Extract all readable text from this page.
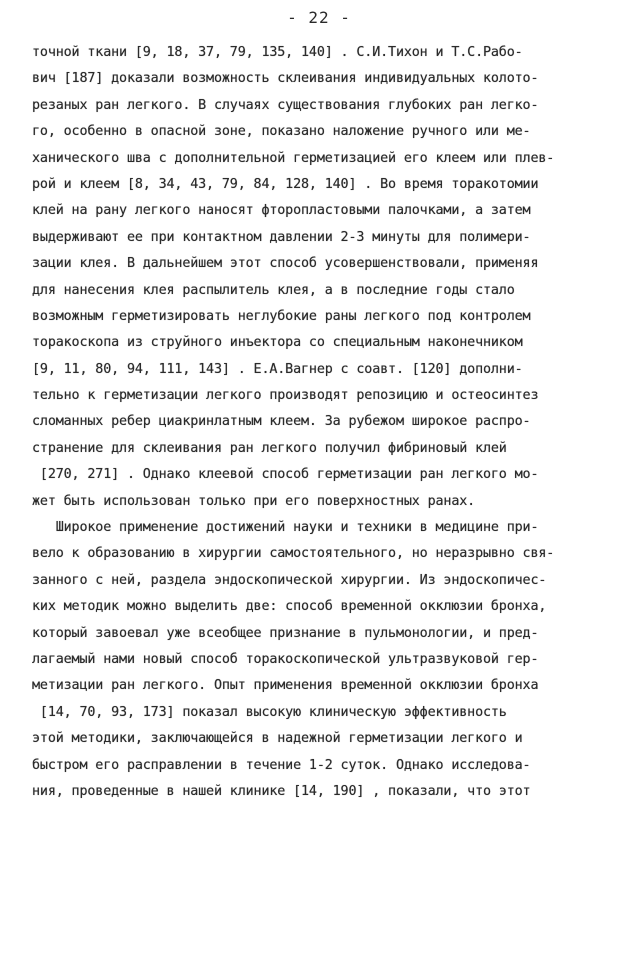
- 22 -
точной ткани [9, 18, 37, 79, 135, 140] . С.И.Тихон и Т.С.Рабо-
вич [187] доказали возможность склеивания индивидуальных колото-
резаных ран легкого. В случаях существования глубоких ран легко-
го, особенно в опасной зоне, показано наложение ручного или ме-
ханического шва с дополнительной герметизацией его клеем или плев-
рой и клеем [8, 34, 43, 79, 84, 128, 140] . Во время торакотомии
клей на рану легкого наносят фторопластовыми палочками, а затем
выдерживают ее при контактном давлении 2-3 минуты для полимери-
зации клея. В дальнейшем этот способ усовершенствовали, применяя
для нанесения клея распылитель клея, а в последние годы стало
возможным герметизировать неглубокие раны легкого под контролем
торакоскопа из струйного инъектора со специальным наконечником
[9, 11, 80, 94, 111, 143] . Е.А.Вагнер с соавт. [120] дополни-
тельно к герметизации легкого производят репозицию и остеосинтез
сломанных ребер циакринлатным клеем. За рубежом широкое распро-
странение для склеивания ран легкого получил фибриновый клей
[270, 271] . Однако клеевой способ герметизации ран легкого мо-
жет быть использован только при его поверхностных ранах.
Широкое применение достижений науки и техники в медицине при-
вело к образованию в хирургии самостоятельного, но неразрывно свя-
занного с ней, раздела эндоскопической хирургии. Из эндоскопичес-
ких методик можно выделить две: способ временной окклюзии бронха,
который завоевал уже всеобщее признание в пульмонологии, и пред-
лагаемый нами новый способ торакоскопической ультразвуковой гер-
метизации ран легкого. Опыт применения временной окклюзии бронха
[14, 70, 93, 173] показал высокую клиническую эффективность
этой методики, заключающейся в надежной герметизации легкого и
быстром его расправлении в течение 1-2 суток. Однако исследова-
ния, проведенные в нашей клинике [14, 190] , показали, что этот
